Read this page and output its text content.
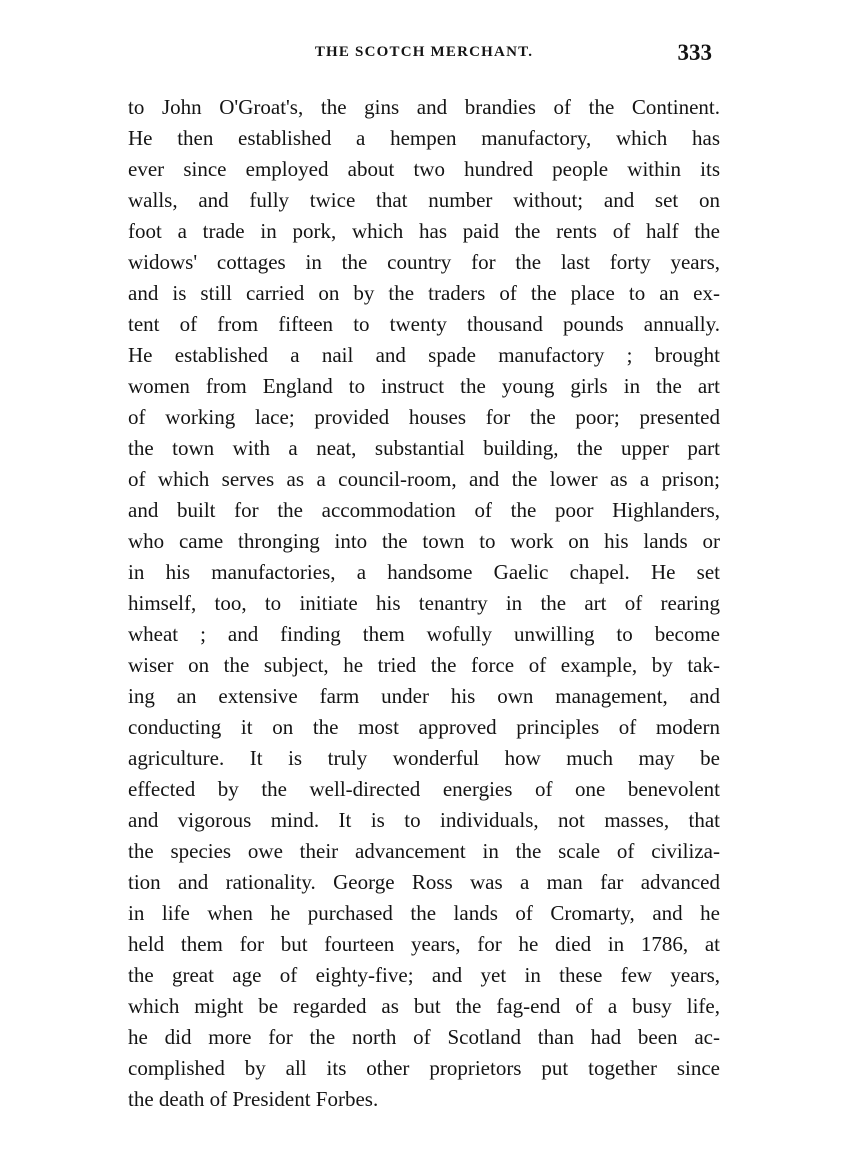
THE SCOTCH MERCHANT.	333
to John O'Groat's, the gins and brandies of the Continent.
He then established a hempen manufactory, which has
ever since employed about two hundred people within its
walls, and fully twice that number without; and set on
foot a trade in pork, which has paid the rents of half the
widows' cottages in the country for the last forty years,
and is still carried on by the traders of the place to an ex-
tent of from fifteen to twenty thousand pounds annually.
He established a nail and spade manufactory ; brought
women from England to instruct the young girls in the art
of working lace; provided houses for the poor; presented
the town with a neat, substantial building, the upper part
of which serves as a council-room, and the lower as a prison;
and built for the accommodation of the poor Highlanders,
who came thronging into the town to work on his lands or
in his manufactories, a handsome Gaelic chapel. He set
himself, too, to initiate his tenantry in the art of rearing
wheat ; and finding them wofully unwilling to become
wiser on the subject, he tried the force of example, by tak-
ing an extensive farm under his own management, and
conducting it on the most approved principles of modern
agriculture. It is truly wonderful how much may be
effected by the well-directed energies of one benevolent
and vigorous mind. It is to individuals, not masses, that
the species owe their advancement in the scale of civiliza-
tion and rationality. George Ross was a man far advanced
in life when he purchased the lands of Cromarty, and he
held them for but fourteen years, for he died in 1786, at
the great age of eighty-five; and yet in these few years,
which might be regarded as but the fag-end of a busy life,
he did more for the north of Scotland than had been ac-
complished by all its other proprietors put together since
the death of President Forbes.
